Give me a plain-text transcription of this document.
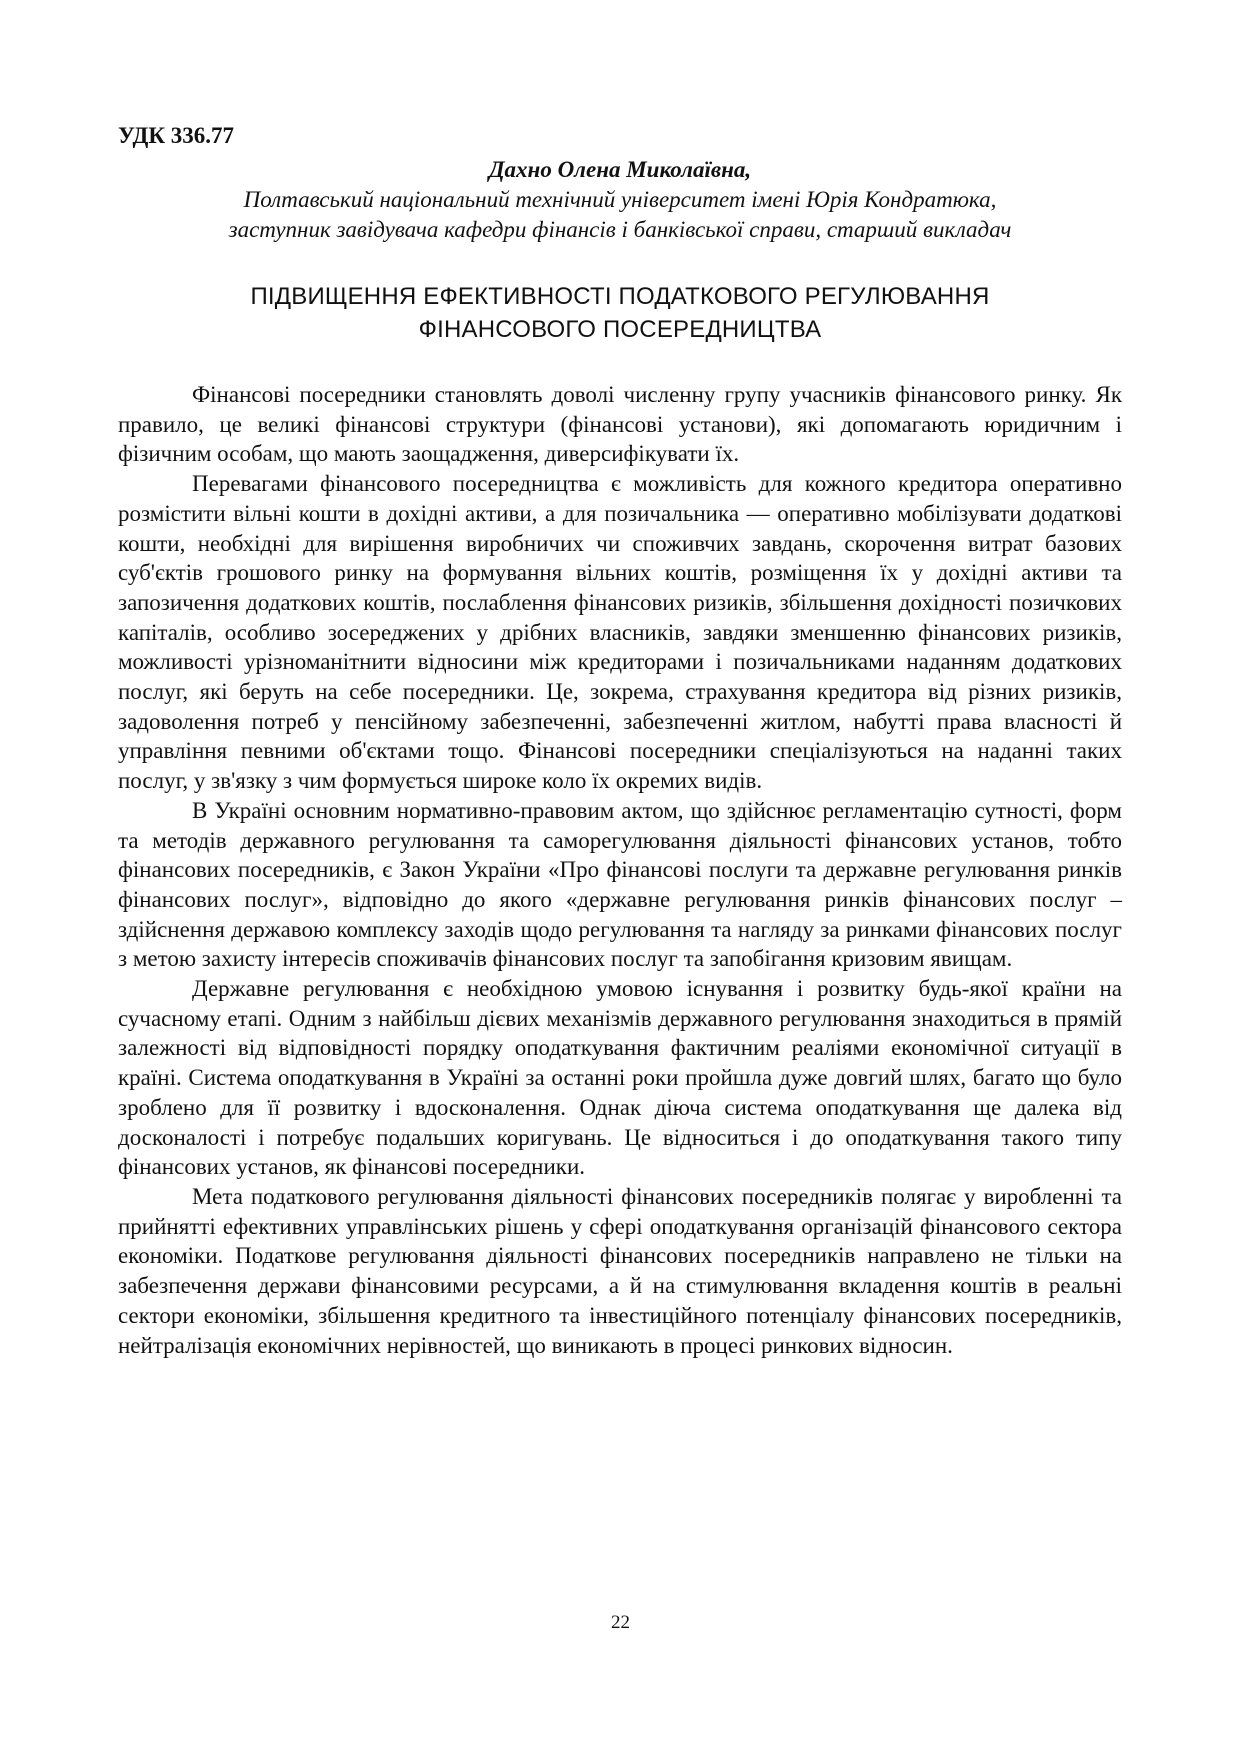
УДК 336.77

Дахно Олена Миколаївна,
Полтавський національний технічний університет імені Юрія Кондратюка,
заступник завідувача кафедри фінансів і банківської справи, старший викладач
ПІДВИЩЕННЯ ЕФЕКТИВНОСТІ ПОДАТКОВОГО РЕГУЛЮВАННЯ
ФІНАНСОВОГО ПОСЕРЕДНИЦТВА

Фінансові посередники становлять доволі численну групу учасників фінансового ринку. Як правило, це великі фінансові структури (фінансові установи), які допомагають юридичним і фізичним особам, що мають заощадження, диверсифікувати їх.

Перевагами фінансового посередництва є можливість для кожного кредитора оперативно розмістити вільні кошти в дохідні активи, а для позичальника — оперативно мобілізувати додаткові кошти, необхідні для вирішення виробничих чи споживчих завдань, скорочення витрат базових суб'єктів грошового ринку на формування вільних коштів, розміщення їх у дохідні активи та запозичення додаткових коштів, послаблення фінансових ризиків, збільшення дохідності позичкових капіталів, особливо зосереджених у дрібних власників, завдяки зменшенню фінансових ризиків, можливості урізноманітнити відносини між кредиторами і позичальниками наданням додаткових послуг, які беруть на себе посередники. Це, зокрема, страхування кредитора від різних ризиків, задоволення потреб у пенсійному забезпеченні, забезпеченні житлом, набутті права власності й управління певними об'єктами тощо. Фінансові посередники спеціалізуються на наданні таких послуг, у зв'язку з чим формується широке коло їх окремих видів.

В Україні основним нормативно-правовим актом, що здійснює регламентацію сутності, форм та методів державного регулювання та саморегулювання діяльності фінансових установ, тобто фінансових посередників, є Закон України «Про фінансові послуги та державне регулювання ринків фінансових послуг», відповідно до якого «державне регулювання ринків фінансових послуг – здійснення державою комплексу заходів щодо регулювання та нагляду за ринками фінансових послуг з метою захисту інтересів споживачів фінансових послуг та запобігання кризовим явищам.

Державне регулювання є необхідною умовою існування і розвитку будь-якої країни на сучасному етапі. Одним з найбільш дієвих механізмів державного регулювання знаходиться в прямій залежності від відповідності порядку оподаткування фактичним реаліями економічної ситуації в країні. Система оподаткування в Україні за останні роки пройшла дуже довгий шлях, багато що було зроблено для її розвитку і вдосконалення. Однак діюча система оподаткування ще далека від досконалості і потребує подальших коригувань. Це відноситься і до оподаткування такого типу фінансових установ, як фінансові посередники.

Мета податкового регулювання діяльності фінансових посередників полягає у виробленні та прийнятті ефективних управлінських рішень у сфері оподаткування організацій фінансового сектора економіки. Податкове регулювання діяльності фінансових посередників направлено не тільки на забезпечення держави фінансовими ресурсами, а й на стимулювання вкладення коштів в реальні сектори економіки, збільшення кредитного та інвестиційного потенціалу фінансових посередників, нейтралізація економічних нерівностей, що виникають в процесі ринкових відносин.

22
